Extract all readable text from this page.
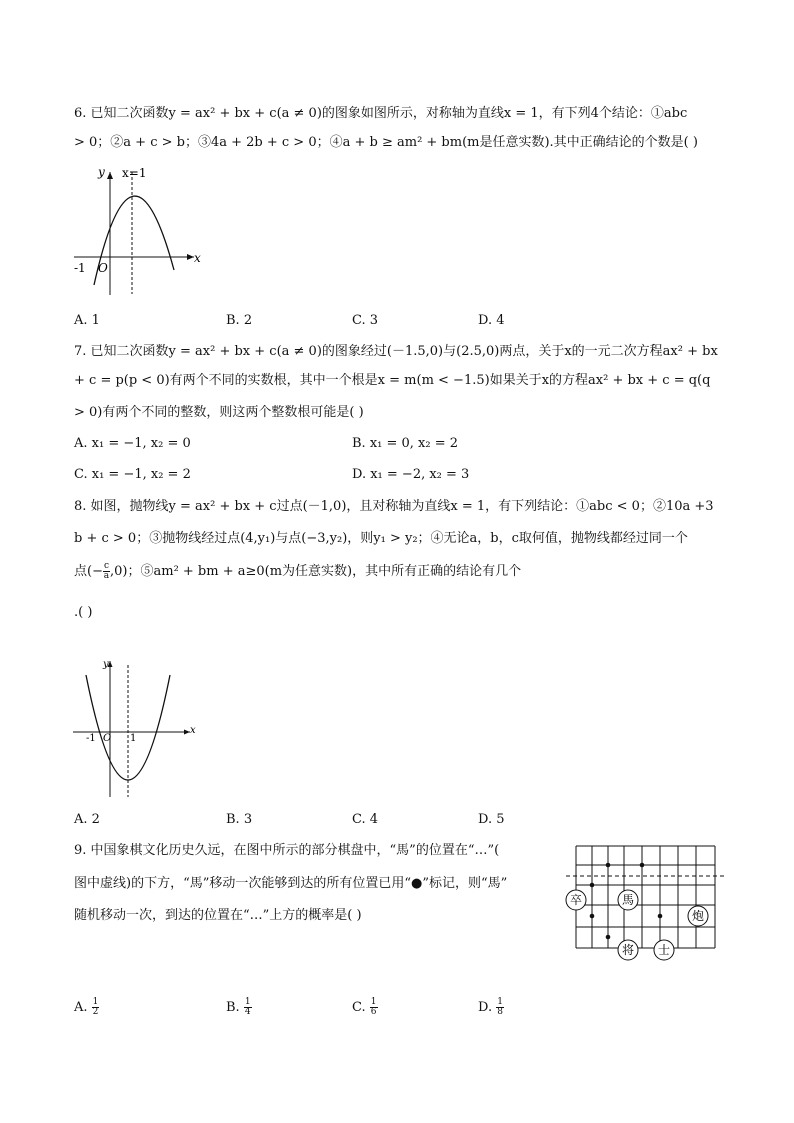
6. 已知二次函数y = ax² + bx + c(a ≠ 0)的图象如图所示，对称轴为直线x = 1，有下列4个结论：①abc
> 0；②a + c > b；③4a + 2b + c > 0；④a + b ≥ am² + bm(m是任意实数).其中正确结论的个数是( )
y x=1
x
-1 O
A. 1	B. 2	C. 3	D. 4
7. 已知二次函数y = ax² + bx + c(a ≠ 0)的图象经过(－1.5,0)与(2.5,0)两点，关于x的一元二次方程ax² + bx
+ c = p(p < 0)有两个不同的实数根，其中一个根是x = m(m < −1.5)如果关于x的方程ax² + bx + c = q(q
> 0)有两个不同的整数，则这两个整数根可能是( )
A. x₁ = −1, x₂ = 0	B. x₁ = 0, x₂ = 2
C. x₁ = −1, x₂ = 2	D. x₁ = −2, x₂ = 3
8. 如图，抛物线y = ax² + bx + c过点(－1,0)，且对称轴为直线x = 1，有下列结论：①abc < 0；②10a +3
b + c > 0；③抛物线经过点(4,y₁)与点(−3,y₂)，则y₁ > y₂；④无论a，b，c取何值，抛物线都经过同一个
点(− $\frac{c}{a} ,0$)；⑤am² + bm + a≥0(m为任意实数)，其中所有正确的结论有几个
.( )
y
x
-1 O 1
A. 2	B. 3	C. 4	D. 5
9. 中国象棋文化历史久远，在图中所示的部分棋盘中，“馬”的位置在“…”(
图中虚线)的下方，“馬”移动一次能够到达的所有位置已用“●”标记，则“馬”
随机移动一次，到达的位置在“…”上方的概率是( )
卒	馬
炮
将 士
A. $\frac{1}{2}$	B. $\frac{1}{4}$	C. $\frac{1}{6}$	D. $\frac{1}{8}$
